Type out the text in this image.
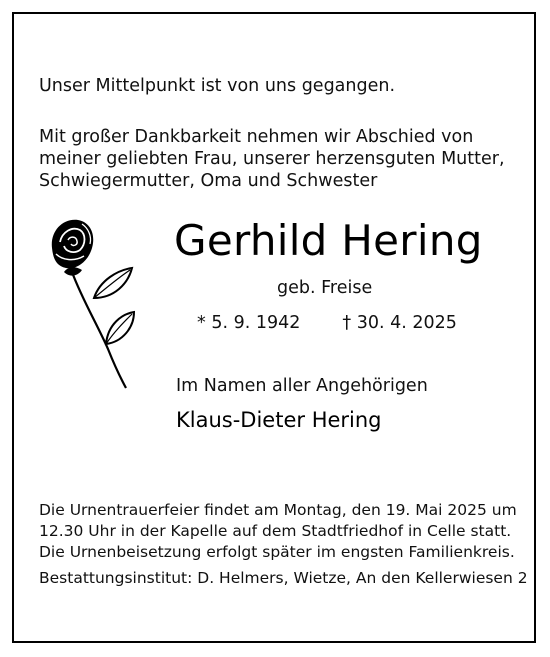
Unser Mittelpunkt ist von uns gegangen.
Mit großer Dankbarkeit nehmen wir Abschied von
meiner geliebten Frau, unserer herzensguten Mutter,
Schwiegermutter, Oma und Schwester
Gerhild Hering
geb. Freise
* 5. 9. 1942 † 30. 4. 2025
Im Namen aller Angehörigen
Klaus-Dieter Hering
Die Urnentrauerfeier findet am Montag, den 19. Mai 2025 um
12.30 Uhr in der Kapelle auf dem Stadtfriedhof in Celle statt.
Die Urnenbeisetzung erfolgt später im engsten Familienkreis.
Bestattungsinstitut: D. Helmers, Wietze, An den Kellerwiesen 2
